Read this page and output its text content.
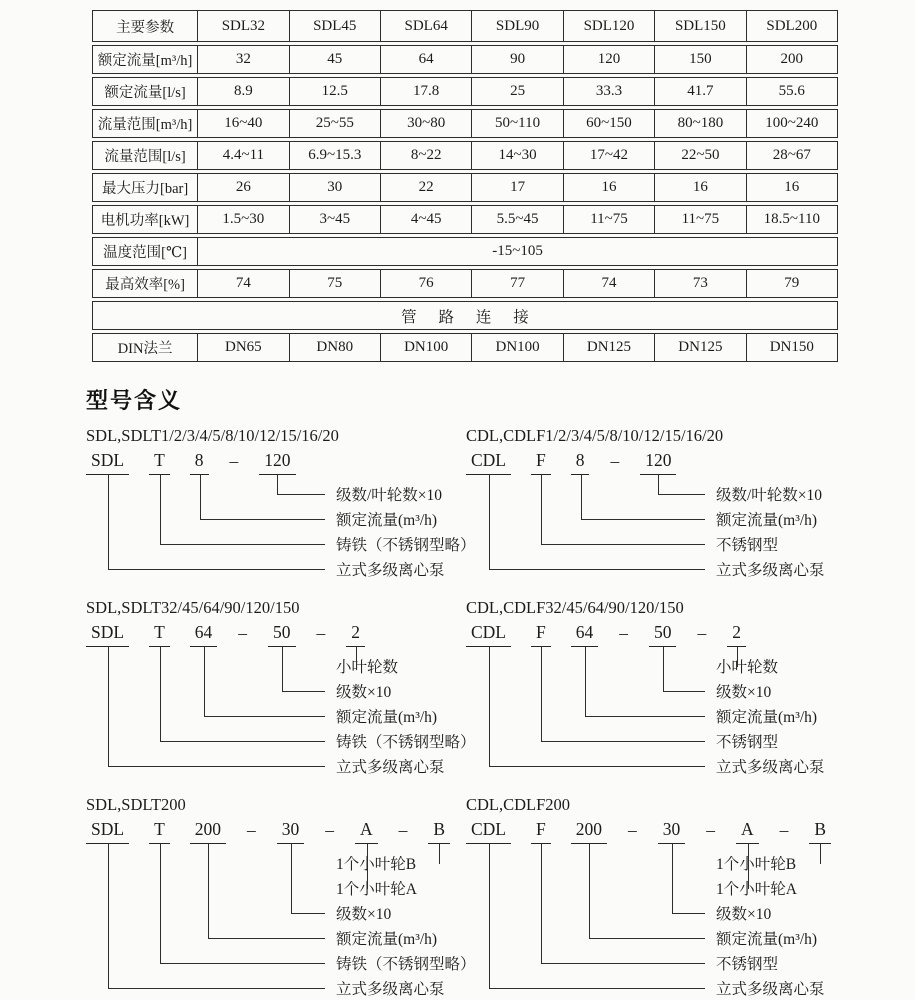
主要参数	SDL32	SDL45	SDL64	SDL90	SDL120	SDL150	SDL200
额定流量[m³/h]	32	45	64	90	120	150	200
额定流量[l/s]	8.9	12.5	17.8	25	33.3	41.7	55.6
流量范围[m³/h]	16~40	25~55	30~80	50~110	60~150	80~180	100~240
流量范围[l/s]	4.4~11	6.9~15.3	8~22	14~30	17~42	22~50	28~67
最大压力[bar]	26	30	22	17	16	16	16
电机功率[kW]	1.5~30	3~45	4~45	5.5~45	11~75	11~75	18.5~110
温度范围[℃]	-15~105
最高效率[%]	74	75	76	77	74	73	79
管 路 连 接
DIN法兰	DN65	DN80	DN100	DN100	DN125	DN125	DN150
型号含义
SDL,SDLT1/2/3/4/5/8/10/12/15/16/20
SDL T 8 – 120
级数/叶轮数×10
额定流量(m³/h)
铸铁（不锈钢型略）
立式多级离心泵
CDL,CDLF1/2/3/4/5/8/10/12/15/16/20
CDL F 8 – 120
级数/叶轮数×10
额定流量(m³/h)
不锈钢型
立式多级离心泵
SDL,SDLT32/45/64/90/120/150
SDL T 64 – 50 – 2
小叶轮数
级数×10
额定流量(m³/h)
铸铁（不锈钢型略）
立式多级离心泵
CDL,CDLF32/45/64/90/120/150
CDL F 64 – 50 – 2
小叶轮数
级数×10
额定流量(m³/h)
不锈钢型
立式多级离心泵
SDL,SDLT200
SDL T 200 – 30 – A – B
1个小叶轮B
1个小叶轮A
级数×10
额定流量(m³/h)
铸铁（不锈钢型略）
立式多级离心泵
CDL,CDLF200
CDL F 200 – 30 – A – B
1个小叶轮B
1个小叶轮A
级数×10
额定流量(m³/h)
不锈钢型
立式多级离心泵
